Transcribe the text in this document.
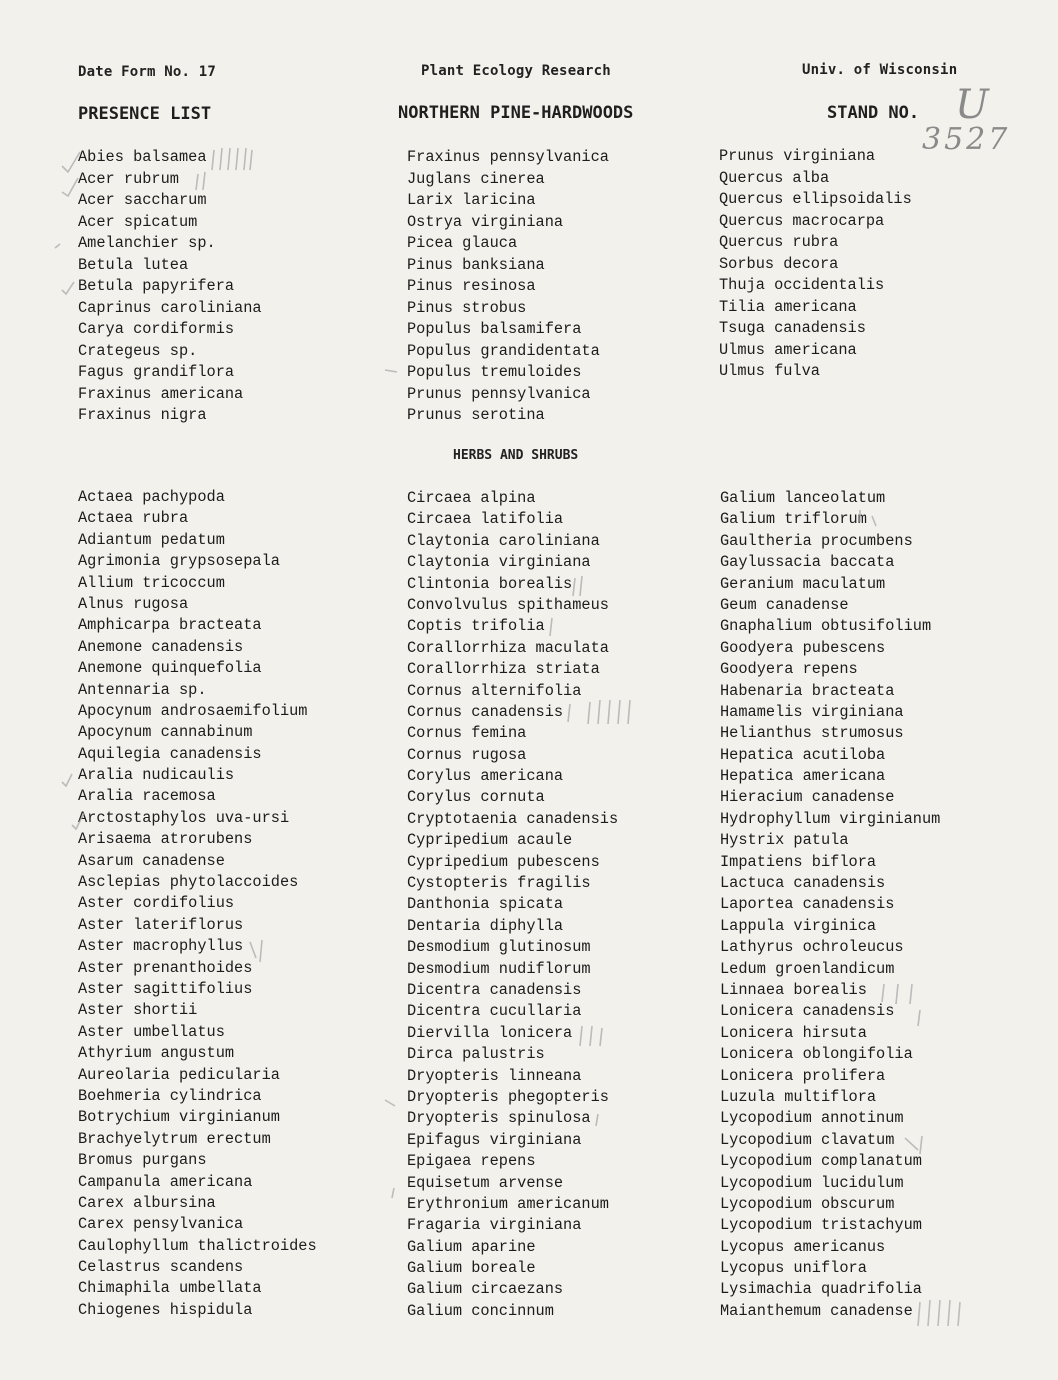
Date Form No. 17	Plant Ecology Research	Univ. of Wisconsin
PRESENCE LIST	NORTHERN PINE-HARDWOODS	STAND NO. U
3527
Abies balsamea
Acer rubrum
Acer saccharum
Acer spicatum
Amelanchier sp.
Betula lutea
Betula papyrifera
Caprinus caroliniana
Carya cordiformis
Crategeus sp.
Fagus grandiflora
Fraxinus americana
Fraxinus nigra
Fraxinus pennsylvanica
Juglans cinerea
Larix laricina
Ostrya virginiana
Picea glauca
Pinus banksiana
Pinus resinosa
Pinus strobus
Populus balsamifera
Populus grandidentata
Populus tremuloides
Prunus pennsylvanica
Prunus serotina
Prunus virginiana
Quercus alba
Quercus ellipsoidalis
Quercus macrocarpa
Quercus rubra
Sorbus decora
Thuja occidentalis
Tilia americana
Tsuga canadensis
Ulmus americana
Ulmus fulva
HERBS AND SHRUBS
Actaea pachypoda
Actaea rubra
Adiantum pedatum
Agrimonia grypsosepala
Allium tricoccum
Alnus rugosa
Amphicarpa bracteata
Anemone canadensis
Anemone quinquefolia
Antennaria sp.
Apocynum androsaemifolium
Apocynum cannabinum
Aquilegia canadensis
Aralia nudicaulis
Aralia racemosa
Arctostaphylos uva-ursi
Arisaema atrorubens
Asarum canadense
Asclepias phytolaccoides
Aster cordifolius
Aster lateriflorus
Aster macrophyllus
Aster prenanthoides
Aster sagittifolius
Aster shortii
Aster umbellatus
Athyrium angustum
Aureolaria pedicularia
Boehmeria cylindrica
Botrychium virginianum
Brachyelytrum erectum
Bromus purgans
Campanula americana
Carex albursina
Carex pensylvanica
Caulophyllum thalictroides
Celastrus scandens
Chimaphila umbellata
Chiogenes hispidula
Circaea alpina
Circaea latifolia
Claytonia caroliniana
Claytonia virginiana
Clintonia borealis
Convolvulus spithameus
Coptis trifolia
Corallorrhiza maculata
Corallorrhiza striata
Cornus alternifolia
Cornus canadensis
Cornus femina
Cornus rugosa
Corylus americana
Corylus cornuta
Cryptotaenia canadensis
Cypripedium acaule
Cypripedium pubescens
Cystopteris fragilis
Danthonia spicata
Dentaria diphylla
Desmodium glutinosum
Desmodium nudiflorum
Dicentra canadensis
Dicentra cucullaria
Diervilla lonicera
Dirca palustris
Dryopteris linneana
Dryopteris phegopteris
Dryopteris spinulosa
Epifagus virginiana
Epigaea repens
Equisetum arvense
Erythronium americanum
Fragaria virginiana
Galium aparine
Galium boreale
Galium circaezans
Galium concinnum
Galium lanceolatum
Galium triflorum
Gaultheria procumbens
Gaylussacia baccata
Geranium maculatum
Geum canadense
Gnaphalium obtusifolium
Goodyera pubescens
Goodyera repens
Habenaria bracteata
Hamamelis virginiana
Helianthus strumosus
Hepatica acutiloba
Hepatica americana
Hieracium canadense
Hydrophyllum virginianum
Hystrix patula
Impatiens biflora
Lactuca canadensis
Laportea canadensis
Lappula virginica
Lathyrus ochroleucus
Ledum groenlandicum
Linnaea borealis
Lonicera canadensis
Lonicera hirsuta
Lonicera oblongifolia
Lonicera prolifera
Luzula multiflora
Lycopodium annotinum
Lycopodium clavatum
Lycopodium complanatum
Lycopodium lucidulum
Lycopodium obscurum
Lycopodium tristachyum
Lycopus americanus
Lycopus uniflora
Lysimachia quadrifolia
Maianthemum canadense
